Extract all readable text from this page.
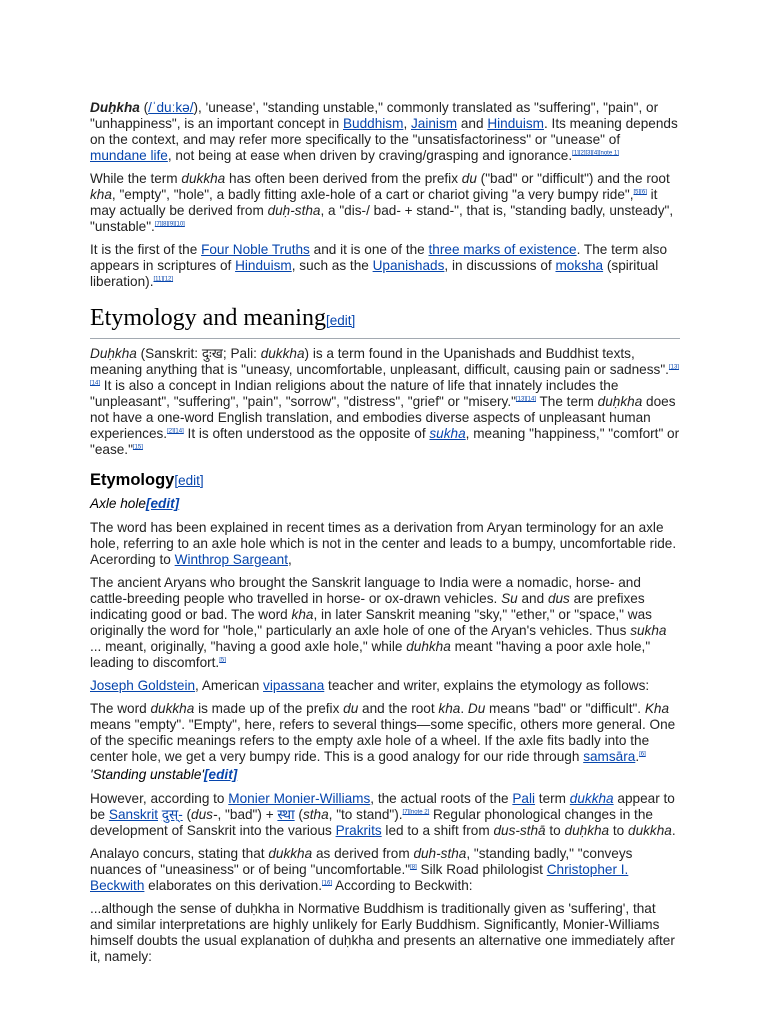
Duḥkha (/ˈduːkə/), 'unease', "standing unstable," commonly translated as "suffering", "pain", or "unhappiness", is an important concept in Buddhism, Jainism and Hinduism. Its meaning depends on the context, and may refer more specifically to the "unsatisfactoriness" or "unease" of mundane life, not being at ease when driven by craving/grasping and ignorance.[1][2][3][4][note 1]

While the term dukkha has often been derived from the prefix du ("bad" or "difficult") and the root kha, "empty", "hole", a badly fitting axle-hole of a cart or chariot giving "a very bumpy ride",[5][6] it may actually be derived from duḥ-stha, a "dis-/ bad- + stand-", that is, "standing badly, unsteady", "unstable".[7][8][9][10]

It is the first of the Four Noble Truths and it is one of the three marks of existence. The term also appears in scriptures of Hinduism, such as the Upanishads, in discussions of moksha (spiritual liberation).[11][12]

Etymology and meaning[edit]

Duḥkha (Sanskrit: दुःख; Pali: dukkha) is a term found in the Upanishads and Buddhist texts, meaning anything that is "uneasy, uncomfortable, unpleasant, difficult, causing pain or sadness".[13][14] It is also a concept in Indian religions about the nature of life that innately includes the "unpleasant", "suffering", "pain", "sorrow", "distress", "grief" or "misery."[13][14] The term duḥkha does not have a one-word English translation, and embodies diverse aspects of unpleasant human experiences.[2][14] It is often understood as the opposite of sukha, meaning "happiness," "comfort" or "ease."[15]

Etymology[edit]
Axle hole[edit]

The word has been explained in recent times as a derivation from Aryan terminology for an axle hole, referring to an axle hole which is not in the center and leads to a bumpy, uncomfortable ride. Acerording to Winthrop Sargeant,

The ancient Aryans who brought the Sanskrit language to India were a nomadic, horse- and cattle-breeding people who travelled in horse- or ox-drawn vehicles. Su and dus are prefixes indicating good or bad. The word kha, in later Sanskrit meaning "sky," "ether," or "space," was originally the word for "hole," particularly an axle hole of one of the Aryan's vehicles. Thus sukha ... meant, originally, "having a good axle hole," while duhkha meant "having a poor axle hole," leading to discomfort.[5]

Joseph Goldstein, American vipassana teacher and writer, explains the etymology as follows:

The word dukkha is made up of the prefix du and the root kha. Du means "bad" or "difficult". Kha means "empty". "Empty", here, refers to several things—some specific, others more general. One of the specific meanings refers to the empty axle hole of a wheel. If the axle fits badly into the center hole, we get a very bumpy ride. This is a good analogy for our ride through samsāra.[6]

'Standing unstable'[edit]

However, according to Monier Monier-Williams, the actual roots of the Pali term dukkha appear to be Sanskrit दुस्- (dus-, "bad") + स्था (stha, "to stand").[7][note 2] Regular phonological changes in the development of Sanskrit into the various Prakrits led to a shift from dus-sthā to duḥkha to dukkha.

Analayo concurs, stating that dukkha as derived from duh-stha, "standing badly," "conveys nuances of "uneasiness" or of being "uncomfortable."[8] Silk Road philologist Christopher I. Beckwith elaborates on this derivation.[16] According to Beckwith:

...although the sense of duḥkha in Normative Buddhism is traditionally given as 'suffering', that and similar interpretations are highly unlikely for Early Buddhism. Significantly, Monier-Williams himself doubts the usual explanation of duḥkha and presents an alternative one immediately after it, namely:
